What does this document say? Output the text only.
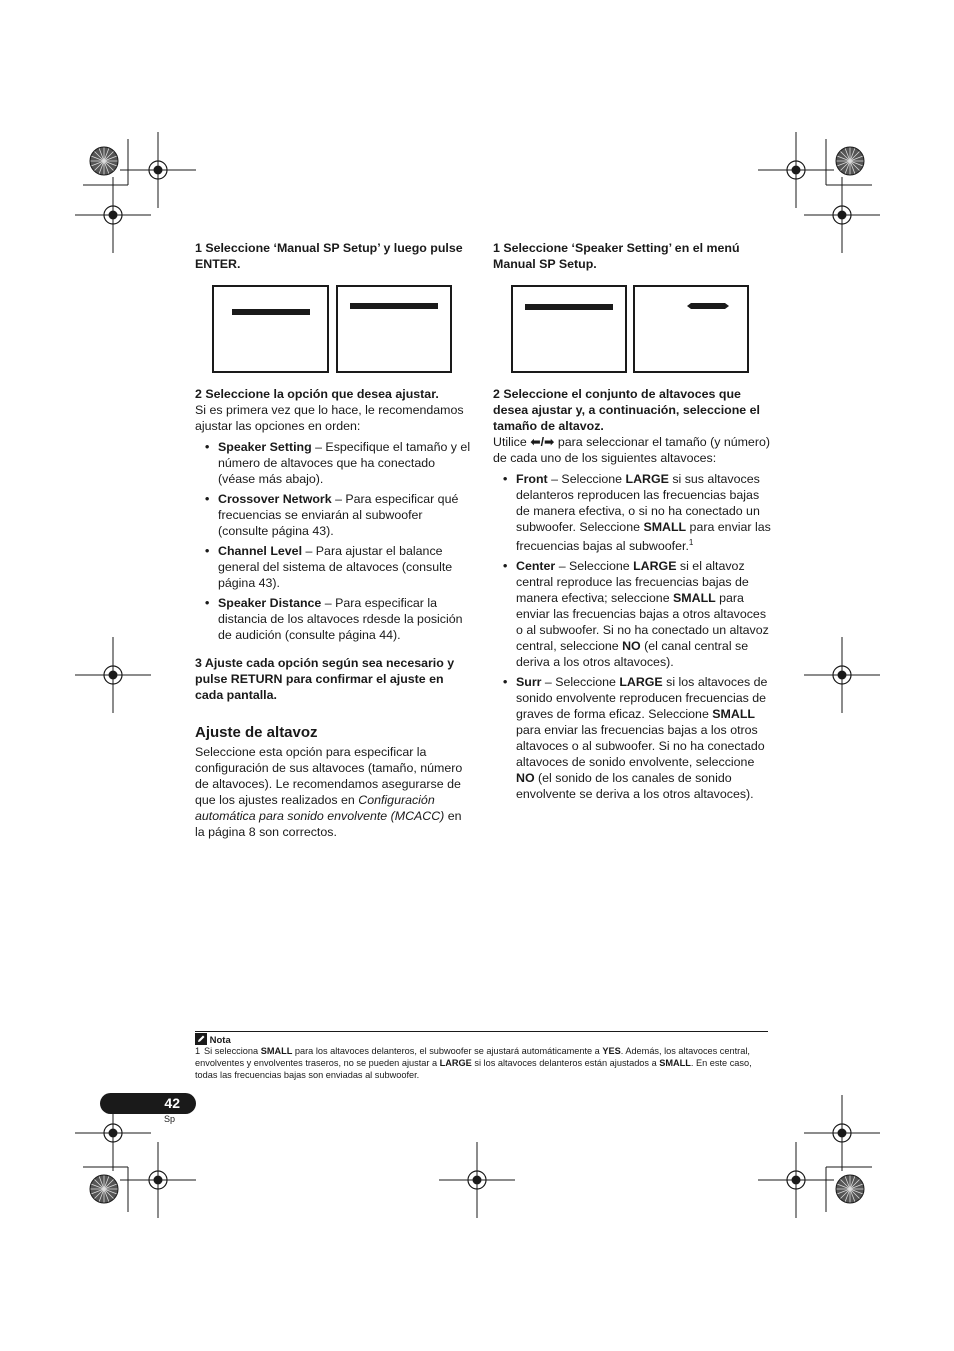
1 Seleccione ‘Manual SP Setup’ y luego pulse ENTER.

2 Seleccione la opción que desea ajustar.

Si es primera vez que lo hace, le recomendamos ajustar las opciones en orden:

• Speaker Setting – Especifique el tamaño y el número de altavoces que ha conectado (véase más abajo).
• Crossover Network – Para especificar qué frecuencias se enviarán al subwoofer (consulte página 43).
• Channel Level – Para ajustar el balance general del sistema de altavoces (consulte página 43).
• Speaker Distance – Para especificar la distancia de los altavoces rdesde la posición de audición (consulte página 44).

3 Ajuste cada opción según sea necesario y pulse RETURN para confirmar el ajuste en cada pantalla.

Ajuste de altavoz

Seleccione esta opción para especificar la configuración de sus altavoces (tamaño, número de altavoces). Le recomendamos asegurarse de que los ajustes realizados en Configuración automática para sonido envolvente (MCACC) en la página 8 son correctos.

1 Seleccione ‘Speaker Setting’ en el menú Manual SP Setup.

2 Seleccione el conjunto de altavoces que desea ajustar y, a continuación, seleccione el tamaño de altavoz.

Utilice ⬅/➡ para seleccionar el tamaño (y número) de cada uno de los siguientes altavoces:

• Front – Seleccione LARGE si sus altavoces delanteros reproducen las frecuencias bajas de manera efectiva, o si no ha conectado un subwoofer. Seleccione SMALL para enviar las frecuencias bajas al subwoofer.$^1$
• Center – Seleccione LARGE si el altavoz central reproduce las frecuencias bajas de manera efectiva; seleccione SMALL para enviar las frecuencias bajas a otros altavoces o al subwoofer. Si no ha conectado un altavoz central, seleccione NO (el canal central se deriva a los otros altavoces).
• Surr – Seleccione LARGE si los altavoces de sonido envolvente reproducen frecuencias de graves de forma eficaz. Seleccione SMALL para enviar las frecuencias bajas a los otros altavoces o al subwoofer. Si no ha conectado altavoces de sonido envolvente, seleccione NO (el sonido de los canales de sonido envolvente se deriva a los otros altavoces).
Nota
1 Si selecciona SMALL para los altavoces delanteros, el subwoofer se ajustará automáticamente a YES. Además, los altavoces central, envolventes y envolventes traseros, no se pueden ajustar a LARGE si los altavoces delanteros están ajustados a SMALL. En este caso, todas las frecuencias bajas son enviadas al subwoofer.
42
Sp
